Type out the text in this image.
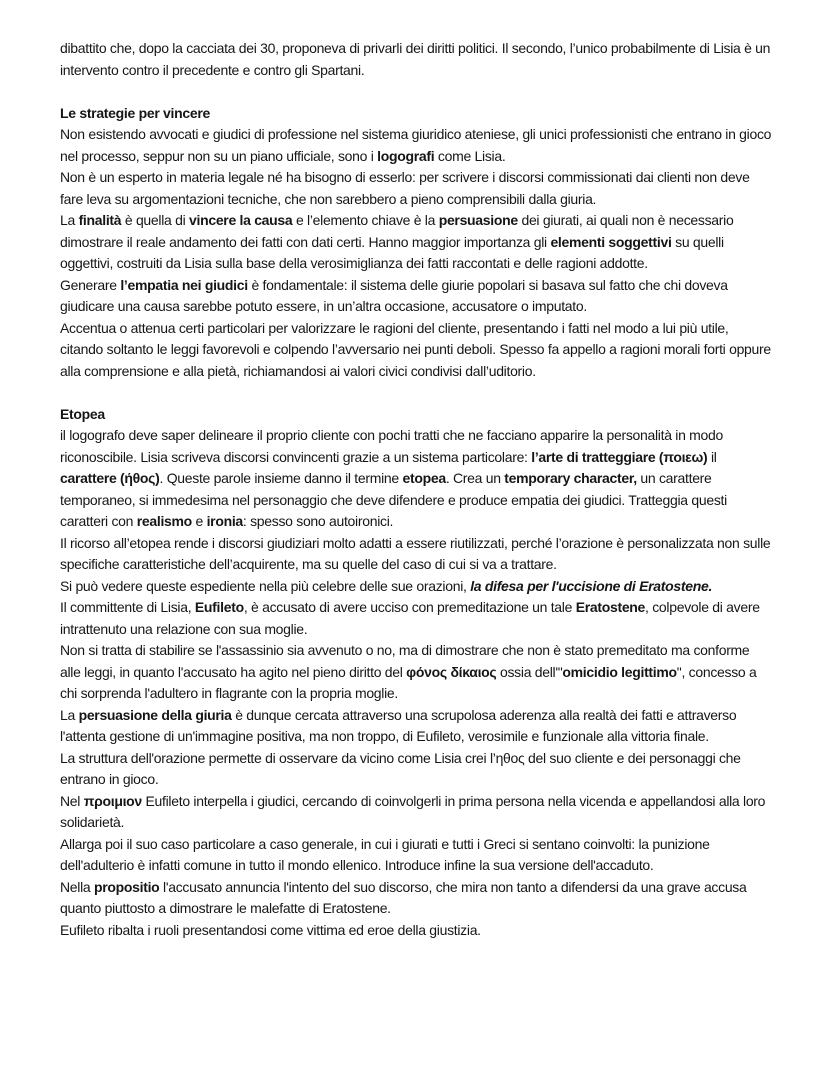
dibattito che, dopo la cacciata dei 30, proponeva di privarli dei diritti politici. Il secondo, l’unico probabilmente di Lisia è un intervento contro il precedente e contro gli Spartani.
Le strategie per vincere
Non esistendo avvocati e giudici di professione nel sistema giuridico ateniese, gli unici professionisti che entrano in gioco nel processo, seppur non su un piano ufficiale, sono i logografi come Lisia.
Non è un esperto in materia legale né ha bisogno di esserlo: per scrivere i discorsi commissionati dai clienti non deve fare leva su argomentazioni tecniche, che non sarebbero a pieno comprensibili dalla giuria.
La finalità è quella di vincere la causa e l’elemento chiave è la persuasione dei giurati, ai quali non è necessario dimostrare il reale andamento dei fatti con dati certi. Hanno maggior importanza gli elementi soggettivi su quelli oggettivi, costruiti da Lisia sulla base della verosimiglianza dei fatti raccontati e delle ragioni addotte.
Generare l’empatia nei giudici è fondamentale: il sistema delle giurie popolari si basava sul fatto che chi doveva giudicare una causa sarebbe potuto essere, in un’altra occasione, accusatore o imputato.
Accentua o attenua certi particolari per valorizzare le ragioni del cliente, presentando i fatti nel modo a lui più utile, citando soltanto le leggi favorevoli e colpendo l’avversario nei punti deboli. Spesso fa appello a ragioni morali forti oppure alla comprensione e alla pietà, richiamandosi ai valori civici condivisi dall’uditorio.
Etopea
il logografo deve saper delineare il proprio cliente con pochi tratti che ne facciano apparire la personalità in modo riconoscibile. Lisia scriveva discorsi convincenti grazie a un sistema particolare: l’arte di tratteggiare (ποιεω) il carattere (ήθος). Queste parole insieme danno il termine etopea. Crea un temporary character, un carattere temporaneo, si immedesima nel personaggio che deve difendere e produce empatia dei giudici. Tratteggia questi caratteri con realismo e ironia: spesso sono autoironici.
Il ricorso all’etopea rende i discorsi giudiziari molto adatti a essere riutilizzati, perché l’orazione è personalizzata non sulle specifiche caratteristiche dell’acquirente, ma su quelle del caso di cui si va a trattare.
Si può vedere queste espediente nella più celebre delle sue orazioni, la difesa per l'uccisione di Eratostene.
Il committente di Lisia, Eufileto, è accusato di avere ucciso con premeditazione un tale Eratostene, colpevole di avere intrattenuto una relazione con sua moglie.
Non si tratta di stabilire se l'assassinio sia avvenuto o no, ma di dimostrare che non è stato premeditato ma conforme alle leggi, in quanto l'accusato ha agito nel pieno diritto del φόνος δίκαιος ossia dell'"omicidio legittimo", concesso a chi sorprenda l'adultero in flagrante con la propria moglie.
La persuasione della giuria è dunque cercata attraverso una scrupolosa aderenza alla realtà dei fatti e attraverso l'attenta gestione di un'immagine positiva, ma non troppo, di Eufileto, verosimile e funzionale alla vittoria finale.
La struttura dell'orazione permette di osservare da vicino come Lisia crei l’ηθος del suo cliente e dei personaggi che entrano in gioco.
Nel προιμιον Eufileto interpella i giudici, cercando di coinvolgerli in prima persona nella vicenda e appellandosi alla loro solidarietà.
Allarga poi il suo caso particolare a caso generale, in cui i giurati e tutti i Greci si sentano coinvolti: la punizione dell'adulterio è infatti comune in tutto il mondo ellenico. Introduce infine la sua versione dell'accaduto.
Nella propositio l'accusato annuncia l'intento del suo discorso, che mira non tanto a difendersi da una grave accusa quanto piuttosto a dimostrare le malefatte di Eratostene.
Eufileto ribalta i ruoli presentandosi come vittima ed eroe della giustizia.
